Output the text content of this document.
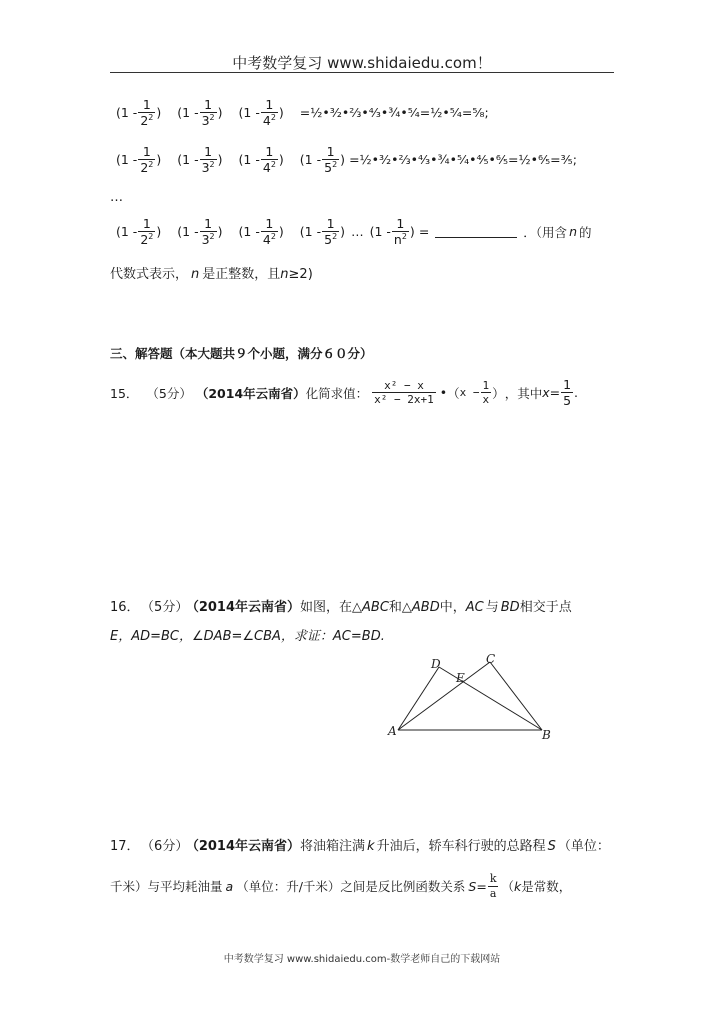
中考数学复习 www.shidaiedu.com！
($1 - \frac{1}{2^2}$ ) ($1 - \frac{1}{3^2}$ ) ($1 - \frac{1}{4^2}$ ) =½•³⁄₂•⅔•⁴⁄₃•¾•⁵⁄₄=½•⁵⁄₄=⁵⁄₈;
($1 - \frac{1}{2^2}$ ) ($1 - \frac{1}{3^2}$ ) ($1 - \frac{1}{4^2}$ ) ($1 - \frac{1}{5^2}$ ) =½•³⁄₂•⅔•⁴⁄₃•¾•⁵⁄₄•⁴⁄₅•⁶⁄₅=½•⁶⁄₅=³⁄₅;
…
($1 - \frac{1}{2^2}$ ) ($1 - \frac{1}{3^2}$ ) ($1 - \frac{1}{4^2}$ ) ($1 - \frac{1}{5^2}$ ) … ($1 - \frac{1}{n^2}$ ) =	．（用含 n 的
代数式表示， n 是正整数，且n≥2)
三、解答题（本大题共９个小题，满分６０分）
15． （5分） （2014年云南省） 化简求值： $\frac{\text{x² − x}}{\text{x² − 2x+1}}$ • （ $x - \frac{1}{x}$ ） ，其中 $x = \frac{1}{5}$ .
16． （5分） （2014年云南省）如图，在△ABC和△ABD中，AC 与 BD相交于点
E，AD=BC，∠DAB=∠CBA，求证：AC=BD.
D	C
E
A	B
17． （6分） （2014年云南省）将油箱注满 k 升油后，轿车科行驶的总路程 S （单位：
千米）与平均耗油量 a （单位：升/千米）之间是反比例函数关系 $S = \frac{k}{a}$ （ k 是常数，
中考数学复习 www.shidaiedu.com-数学老师自己的下载网站
